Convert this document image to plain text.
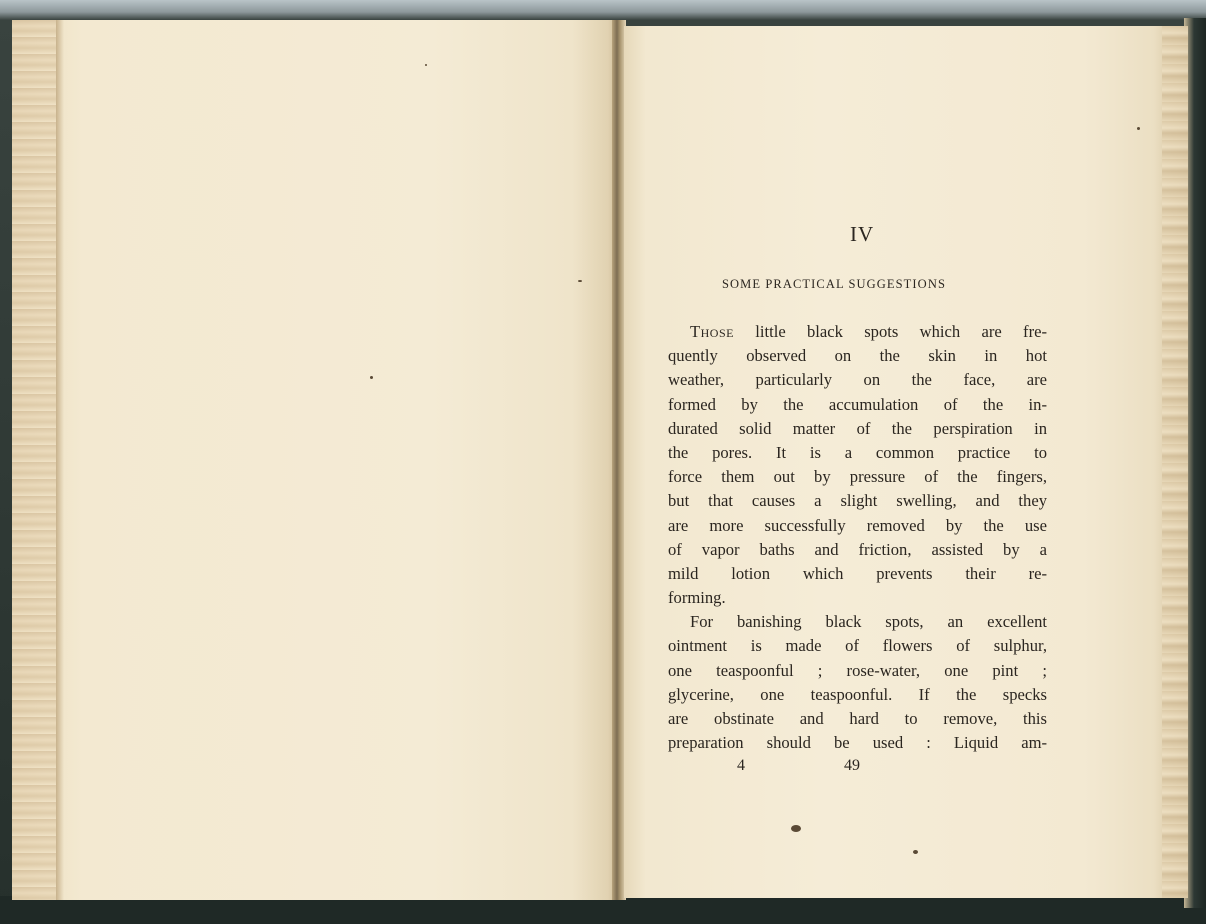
IV
SOME PRACTICAL SUGGESTIONS
Those little black spots which are fre-
quently observed on the skin in hot
weather, particularly on the face, are
formed by the accumulation of the in-
durated solid matter of the perspiration in
the pores. It is a common practice to
force them out by pressure of the fingers,
but that causes a slight swelling, and they
are more successfully removed by the use
of vapor baths and friction, assisted by a
mild lotion which prevents their re-
forming.
For banishing black spots, an excellent
ointment is made of flowers of sulphur,
one teaspoonful ; rose-water, one pint ;
glycerine, one teaspoonful. If the specks
are obstinate and hard to remove, this
preparation should be used : Liquid am-
4	49
